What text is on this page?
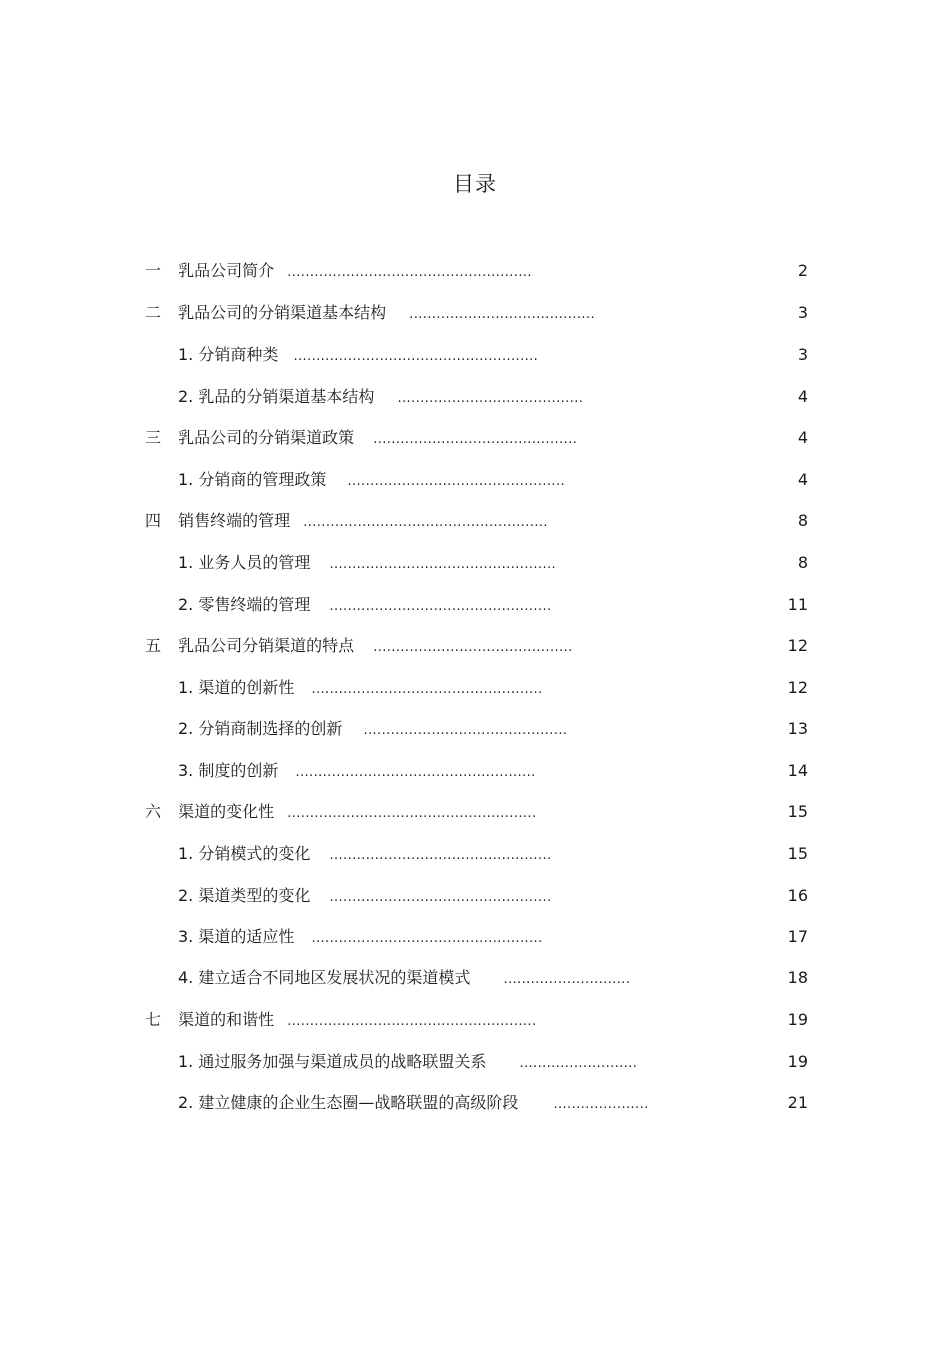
目录
一 乳品公司简介 ......................................................	2
二 乳品公司的分销渠道基本结构 .........................................	3
1. 分销商种类 ......................................................	3
2. 乳品的分销渠道基本结构 .........................................	4
三 乳品公司的分销渠道政策 .............................................	4
1. 分销商的管理政策 ................................................	4
四 销售终端的管理 ......................................................	8
1. 业务人员的管理 ..................................................	8
2. 零售终端的管理 .................................................	11
五 乳品公司分销渠道的特点 ............................................	12
1. 渠道的创新性 ...................................................	12
2. 分销商制选择的创新 .............................................	13
3. 制度的创新 .....................................................	14
六 渠道的变化性 .......................................................	15
1. 分销模式的变化 .................................................	15
2. 渠道类型的变化 .................................................	16
3. 渠道的适应性 ...................................................	17
4. 建立适合不同地区发展状况的渠道模式	............................	18
七 渠道的和谐性 .......................................................	19
1. 通过服务加强与渠道成员的战略联盟关系	..........................	19
2. 建立健康的企业生态圈—战略联盟的高级阶段	.....................	21
